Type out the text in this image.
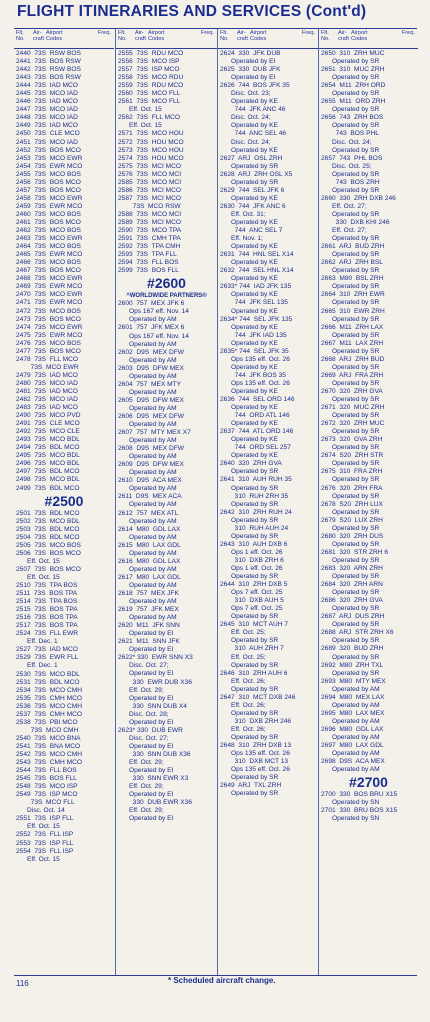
FLIGHT ITINERARIES AND SERVICES (Cont'd)
Flt.
No.
Air-
craft
Airport
Codes
Freq.
2440  73S  RSW BOS
2441  73S  BOS RSW
2442  73S  RSW BOS
2443  73S  BOS RSW
2444  73S  IAD MCO
2445  73S  MCO IAD
2446  73S  IAD MCO
2447  73S  MCO IAD
2448  73S  MCO IAD
2449  73S  IAD MCO
2450  73S  CLE MCO
2451  73S  MCO IAD
2452  73S  BOS MCO
2453  73S  MCO EWR
2454  73S  EWR MCO
2455  73S  MCO BOS
2456  73S  BOS MCO
2457  73S  BOS MCO
2458  73S  MCO EWR
2459  73S  EWR MCO
2460  73S  MCO BOS
2461  73S  BOS MCO
2462  73S  MCO BOS
2463  73S  MCO EWR
2464  73S  MCO BOS
2465  73S  EWR MCO
2466  73S  MCO BOS
2467  73S  BOS MCO
2468  73S  MCO EWR
2469  73S  EWR MCO
2470  73S  MCO EWR
2471  73S  EWR MCO
2472  73S  MCO BOS
2473  73S  BOS MCO
2474  73S  MCO EWR
2475  73S  EWR MCO
2476  73S  MCO BOS
2477  73S  BOS MCO
2478  73S  FLL MCO
73S  MCO EWR
2479  73S  IAD MCO
2480  73S  MCO IAD
2481  73S  IAD MCO
2482  73S  MCO IAD
2483  73S  IAD MCO
2490  73S  MCO PVD
2491  73S  CLE MCO
2492  73S  MCO CLE
2493  73S  MCO BDL
2494  73S  BDL MCO
2495  73S  MCO BDL
2496  73S  MCO BDL
2497  73S  BDL MCO
2498  73S  MCO BDL
2499  73S  BDL MCO
#2500
2501  73S  BDL MCO
2502  73S  MCO BDL
2503  73S  BDL MCO
2504  73S  BDL MCO
2505  73S  MCO BOS
2506  73S  BOS MCO
Eff. Oct. 15
2507  73S  BOS MCO
Eff. Oct. 15
2510  73S  TPA BOS
2511  73S  BOS TPA
2514  73S  TPA BOS
2515  73S  BOS TPA
2516  73S  BOS TPA
2517  73S  BOS TPA
2524  73S  FLL EWR
Eff. Dec. 1
2527  73S  IAD MCO
2529  73S  EWR FLL
Eff. Dec. 1
2530  73S  MCO BDL
2531  73S  BDL MCO
2534  73S  MCO CMH
2535  73S  CMH MCO
2536  73S  MCO CMH
2537  73S  CMH MCO
2538  73S  PBI MCO
73S  MCO CMH
2540  73S  MCO BNA
2541  73S  BNA MCO
2542  73S  MCO CMH
2543  73S  CMH MCO
2544  73S  FLL BOS
2545  73S  BOS FLL
2548  73S  MCO ISP
2549  73S  ISP MCO
73S  MCO FLL
Disc. Oct. 14
2551  73S  ISP FLL
Eff. Oct. 15
2552  73S  FLL ISP
2553  73S  ISP FLL
2554  73S  FLL ISP
Eff. Oct. 15
Flt.
No.
Air-
craft
Airport
Codes
Freq.
2555  73S  RDU MCO
2556  73S  MCO ISP
2557  73S  ISP MCO
2558  73S  MCO RDU
2559  73S  RDU MCO
2560  73S  MCO FLL
2561  73S  MCO FLL
Eff. Oct. 15
2562  73S  FLL MCO
Eff. Oct. 15
2571  73S  MCO HOU
2572  73S  HOU MCO
2573  73S  MCO HOU
2574  73S  HOU MCO
2575  73S  MCI MCO
2576  73S  MCO MCI
2585  73S  MCO MCI
2586  73S  MCI MCO
2587  73S  MCI MCO
73S  MCO RSW
2588  73S  MCO MCI
2589  73S  MCI MCO
2590  73S  MCO TPA
2591  73S  CMH TPA
2592  73S  TPA CMH
2593  73S  TPA FLL
2594  73S  FLL BOS
2599  73S  BOS FLL
#2600
^WORLDWIDE PARTNERS®
2600  757  MEX JFK 6
Ops 167 eff. Nov. 14
Operated by AM
2601  757  JFK MEX 6
Ops 167 eff. Nov. 14
Operated by AM
2602  D9S  MEX DFW
Operated by AM
2603  D9S  DFW MEX
Operated by AM
2604  757  MEX MTY
Operated by AM
2605  D9S  DFW MEX
Operated by AM
2606  D9S  MEX DFW
Operated by AM
2607  757  MTY MEX X7
Operated by AM
2608  D9S  MEX DFW
Operated by AM
2609  D9S  DFW MEX
Operated by AM
2610  D9S  ACA MEX
Operated by AM
2611  D9S  MEX ACA
Operated by AM
2612  757  MEX ATL
Operated by AM
2614  M80  GDL LAX
Operated by AM
2615  M80  LAX GDL
Operated by AM
2616  M80  GDL LAX
Operated by AM
2617  M80  LAX GDL
Operated by AM
2618  757  MEX JFK
Operated by AM
2619  757  JFK MEX
Operated by AM
2620  M11  JFK SNN
Operated by EI
2621  M11  SNN JFK
Operated by EI
2622* 330  EWR SNN X3
Disc. Oct. 27;
Operated by EI
330  EWR DUB X36
Eff. Oct. 29;
Operated by EI
330  SNN DUB X4
Disc. Oct. 28;
Operated by EI
2623* 330  DUB EWR
Disc. Oct. 27;
Operated by EI
330  SNN DUB X36
Eff. Oct. 29;
Operated by EI
330  SNN EWR X3
Eff. Oct. 29;
Operated by EI
330  DUB EWR X36
Eff. Oct. 29;
Operated by EI
Flt.
No.
Air-
craft
Airport
Codes
Freq.
2624  330  JFK DUB
Operated by EI
2625  330  DUB JFK
Operated by EI
2626  744  BOS JFK 35
Disc. Oct. 23;
Operated by KE
744  JFK ANC 46
Disc. Oct. 24;
Operated by KE
744  ANC SEL 46
Disc. Oct. 24;
Operated by KE
2627  ARJ  OSL ZRH
Operated by SR
2628  ARJ  ZRH OSL X5
Operated by SR
2629  744  SEL JFK 6
Operated by KE
2630  744  JFK ANC 6
Eff. Oct. 31;
Operated by KE
744  ANC SEL 7
Eff. Nov. 1;
Operated by KE
2631  744  HNL SEL X14
Operated by KE
2632  744  SEL HNL X14
Operated by KE
2633* 744  IAD JFK 135
Operated by KE
744  JFK SEL 135
Operated by KE
2634* 744  SEL JFK 135
Operated by KE
744  JFK IAD 135
Operated by KE
2635* 744  SEL JFK 35
Ops 135 eff. Oct. 26
Operated by KE
744  JFK BOS 35
Ops 135 eff. Oct. 26
Operated by KE
2636  744  SEL ORD 146
Operated by KE
744  ORD ATL 146
Operated by KE
2637  744  ATL ORD 146
Operated by KE
744  ORD SEL 257
Operated by KE
2640  320  ZRH GVA
Operated by SR
2641  310  AUH RUH 35
Operated by SR
310  RUH ZRH 35
Operated by SR
2642  310  ZRH RUH 24
Operated by SR
310  RUH AUH 24
Operated by SR
2643  310  AUH DXB 6
Ops 1 eff. Oct. 26
310  DXB ZRH 6
Ops 1 eff. Oct. 26
Operated by SR
2644  310  ZRH DXB 5
Ops 7 eff. Oct. 25
310  DXB AUH 5
Ops 7 eff. Oct. 25
Operated by SR
2645  310  MCT AUH 7
Eff. Oct. 25;
Operated by SR
310  AUH ZRH 7
Eff. Oct. 25;
Operated by SR
2646  310  ZRH AUH 6
Eff. Oct. 26;
Operated by SR
2647  310  MCT DXB 246
Eff. Oct. 26;
Operated by SR
310  DXB ZRH 246
Eff. Oct. 26;
Operated by SR
2648  310  ZRH DXB 13
Ops 135 eff. Oct. 26
310  DXB MCT 13
Ops 135 eff. Oct. 26
Operated by SR
2649  ARJ  TXL ZRH
Operated by SR
Flt.
No.
Air-
craft
Airport
Codes
Freq.
2650  310  ZRH MUC
Operated by SR
2651  310  MUC ZRH
Operated by SR
2654  M11  ZRH ORD
Operated by SR
2655  M11  ORD ZRH
Operated by SR
2656  743  ZRH BOS
Operated by SR
743  BOS PHL
Disc. Oct. 24;
Operated by SR
2657  743  PHL BOS
Disc. Oct. 25;
Operated by SR
743  BOS ZRH
Operated by SR
2660  330  ZRH DXB 246
Eff. Oct. 27;
Operated by SR
330  DXB KHI 246
Eff. Oct. 27;
Operated by SR
2661  ARJ  BUD ZRH
Operated by SR
2662  ARJ  ZRH BSL
Operated by SR
2663  M80  BSL ZRH
Operated by SR
2664  310  ZRH EWR
Operated by SR
2665  310  EWR ZRH
Operated by SR
2666  M11  ZRH LAX
Operated by SR
2667  M11  LAX ZRH
Operated by SR
2668  ARJ  ZRH BUD
Operated by SR
2669  ARJ  FRA ZRH
Operated by SR
2670  320  ZRH GVA
Operated by SR
2671  320  MUC ZRH
Operated by SR
2672  320  ZRH MUC
Operated by SR
2673  320  GVA ZRH
Operated by SR
2674  S20  ZRH STR
Operated by SR
2675  310  FRA ZRH
Operated by SR
2676  320  ZRH FRA
Operated by SR
2678  S20  ZRH LUX
Operated by SR
2679  S20  LUX ZRH
Operated by SR
2680  320  ZRH DUS
Operated by SR
2681  320  STR ZRH 6
Operated by SR
2683  320  ARN ZRH
Operated by SR
2684  320  ZRH ARN
Operated by SR
2686  320  ZRH GVA
Operated by SR
2687  ARJ  DUS ZRH
Operated by SR
2688  ARJ  STR ZRH X6
Operated by SR
2689  320  BUD ZRH
Operated by SR
2692  M80  ZRH TXL
Operated by SR
2693  M80  MTY MEX
Operated by AM
2694  M80  MEX LAX
Operated by AM
2695  M80  LAX MEX
Operated by AM
2696  M80  GDL LAX
Operated by AM
2697  M80  LAX GDL
Operated by AM
2698  D9S  ACA MEX
Operated by AM
#2700
2700  330  BOS BRU X15
Operated by SN
2701  330  BRU BOS X15
Operated by SN
116	* Scheduled aircraft change.
